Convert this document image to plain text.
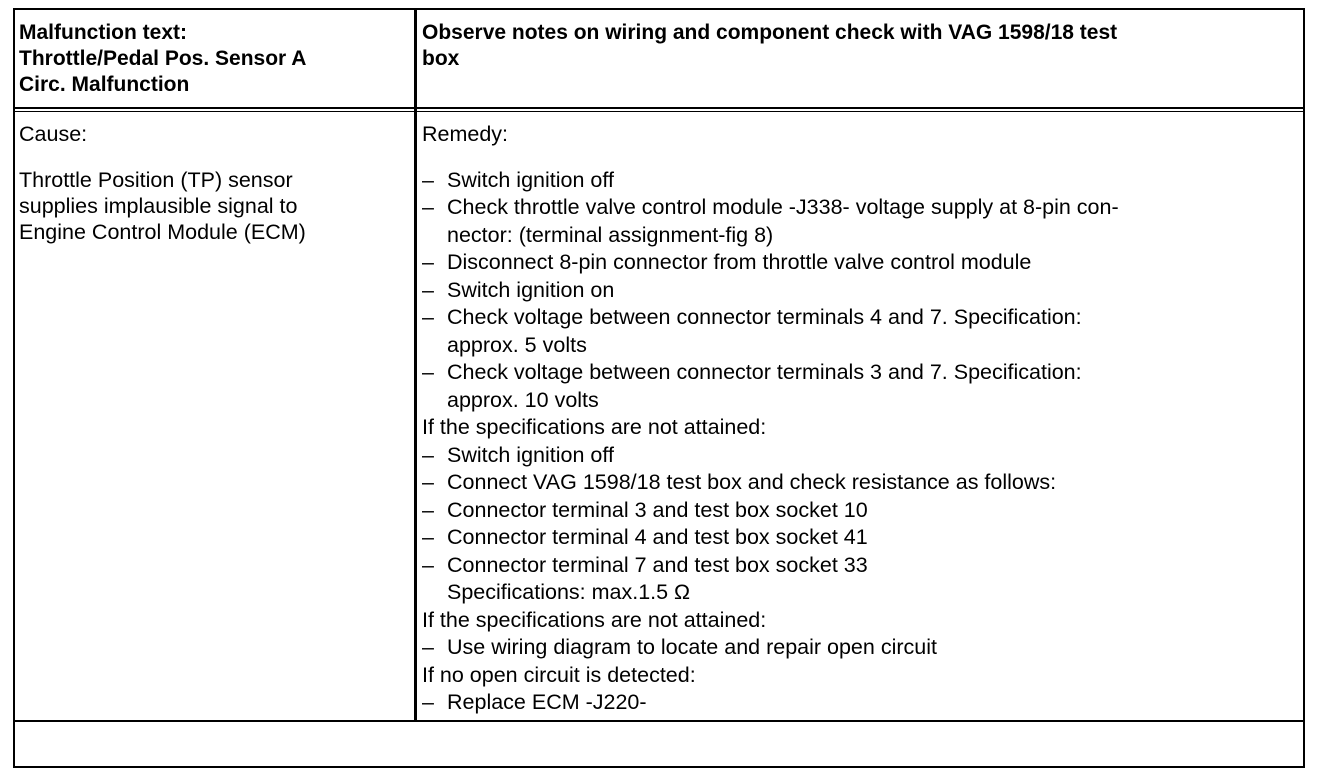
Malfunction text:
Throttle/Pedal Pos. Sensor A
Circ. Malfunction
Observe notes on wiring and component check with VAG 1598/18 test
box
Cause:
Throttle Position (TP) sensor
supplies implausible signal to
Engine Control Module (ECM)
Remedy:
– Switch ignition off
– Check throttle valve control module -J338- voltage supply at 8-pin con-
nector: (terminal assignment-fig 8)
– Disconnect 8-pin connector from throttle valve control module
– Switch ignition on
– Check voltage between connector terminals 4 and 7. Specification:
approx. 5 volts
– Check voltage between connector terminals 3 and 7. Specification:
approx. 10 volts
If the specifications are not attained:
– Switch ignition off
– Connect VAG 1598/18 test box and check resistance as follows:
– Connector terminal 3 and test box socket 10
– Connector terminal 4 and test box socket 41
– Connector terminal 7 and test box socket 33
Specifications: max.1.5 Ω
If the specifications are not attained:
– Use wiring diagram to locate and repair open circuit
If no open circuit is detected:
– Replace ECM -J220-
